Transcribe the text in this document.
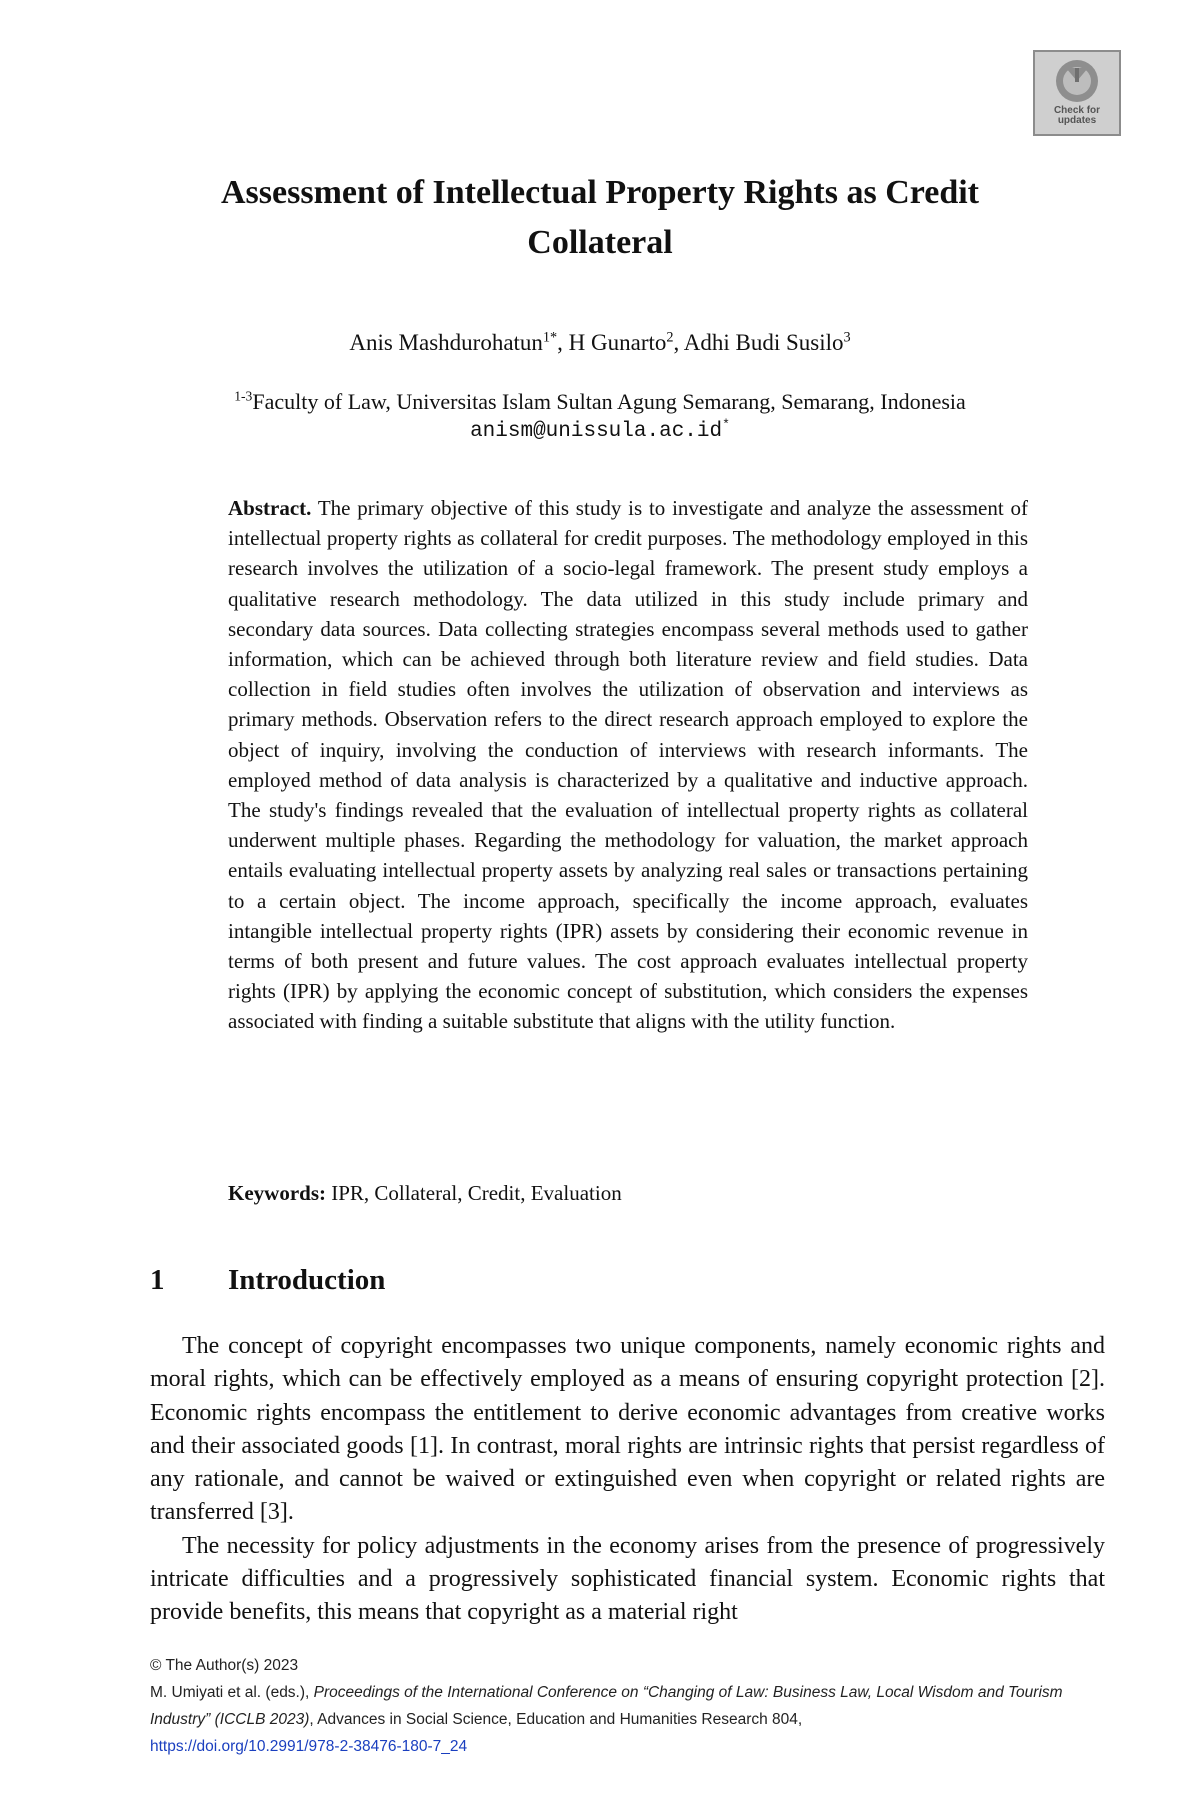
Check for
updates
Assessment of Intellectual Property Rights as Credit Collateral
Anis Mashdurohatun$^{1*}$, H Gunarto$^2$, Adhi Budi Susilo$^3$
$^{1-3}$Faculty of Law, Universitas Islam Sultan Agung Semarang, Semarang, Indonesia
anism@unissula.ac.id*

Abstract. The primary objective of this study is to investigate and analyze the assessment of intellectual property rights as collateral for credit purposes. The methodology employed in this research involves the utilization of a socio-legal framework. The present study employs a qualitative research methodology. The data utilized in this study include primary and secondary data sources. Data collecting strategies encompass several methods used to gather information, which can be achieved through both literature review and field studies. Data collection in field studies often involves the utilization of observation and interviews as primary methods. Observation refers to the direct research approach employed to explore the object of inquiry, involving the conduction of interviews with research informants. The employed method of data analysis is characterized by a qualitative and inductive approach. The study's findings revealed that the evaluation of intellectual property rights as collateral underwent multiple phases. Regarding the methodology for valuation, the market approach entails evaluating intellectual property assets by analyzing real sales or transactions pertaining to a certain object. The income approach, specifically the income approach, evaluates intangible intellectual property rights (IPR) assets by considering their economic revenue in terms of both present and future values. The cost approach evaluates intellectual property rights (IPR) by applying the economic concept of substitution, which considers the expenses associated with finding a suitable substitute that aligns with the utility function.

Keywords: IPR, Collateral, Credit, Evaluation

1	Introduction

The concept of copyright encompasses two unique components, namely economic rights and moral rights, which can be effectively employed as a means of ensuring copyright protection [2]. Economic rights encompass the entitlement to derive economic advantages from creative works and their associated goods [1]. In contrast, moral rights are intrinsic rights that persist regardless of any rationale, and cannot be waived or extinguished even when copyright or related rights are transferred [3].

The necessity for policy adjustments in the economy arises from the presence of progressively intricate difficulties and a progressively sophisticated financial system. Economic rights that provide benefits, this means that copyright as a material right

© The Author(s) 2023
M. Umiyati et al. (eds.), Proceedings of the International Conference on “Changing of Law: Business Law, Local Wisdom and Tourism Industry” (ICCLB 2023), Advances in Social Science, Education and Humanities Research 804,
https://doi.org/10.2991/978-2-38476-180-7_24
